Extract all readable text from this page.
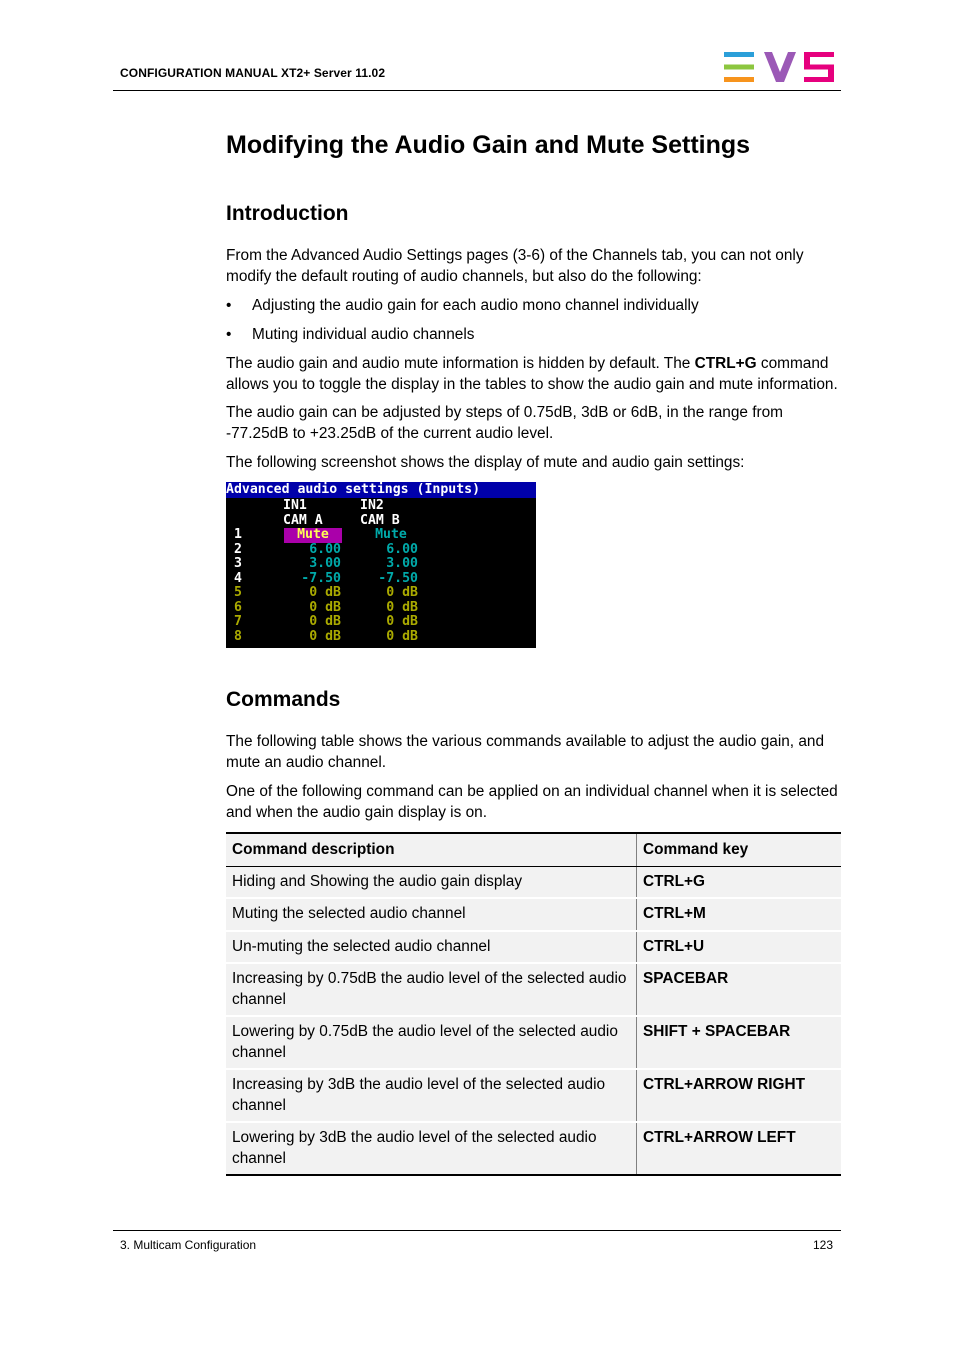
CONFIGURATION MANUAL XT2+ Server 11.02
Modifying the Audio Gain and Mute Settings
Introduction

From the Advanced Audio Settings pages (3-6) of the Channels tab, you can not only modify the default routing of audio channels, but also do the following:

• Adjusting the audio gain for each audio mono channel individually
• Muting individual audio channels

The audio gain and audio mute information is hidden by default. The CTRL+G command allows you to toggle the display in the tables to show the audio gain and mute information.

The audio gain can be adjusted by steps of 0.75dB, 3dB or 6dB, in the range from -77.25dB to +23.25dB of the current audio level.

The following screenshot shows the display of mute and audio gain settings:

Advanced audio settings (Inputs)
IN1	IN2
CAM A	CAM B
1	Mute	Mute
2	6.00	6.00
3	3.00	3.00
4	-7.50	-7.50
5	0 dB	0 dB
6	0 dB	0 dB
7	0 dB	0 dB
8	0 dB	0 dB
Commands

The following table shows the various commands available to adjust the audio gain, and mute an audio channel.

One of the following command can be applied on an individual channel when it is selected and when the audio gain display is on.

Command description	Command key
Hiding and Showing the audio gain display	CTRL+G
Muting the selected audio channel	CTRL+M
Un-muting the selected audio channel	CTRL+U
Increasing by 0.75dB the audio level of the selected audio channel	SPACEBAR
Lowering by 0.75dB the audio level of the selected audio channel	SHIFT + SPACEBAR
Increasing by 3dB the audio level of the selected audio channel	CTRL+ARROW RIGHT
Lowering by 3dB the audio level of the selected audio channel	CTRL+ARROW LEFT
3. Multicam Configuration	123
